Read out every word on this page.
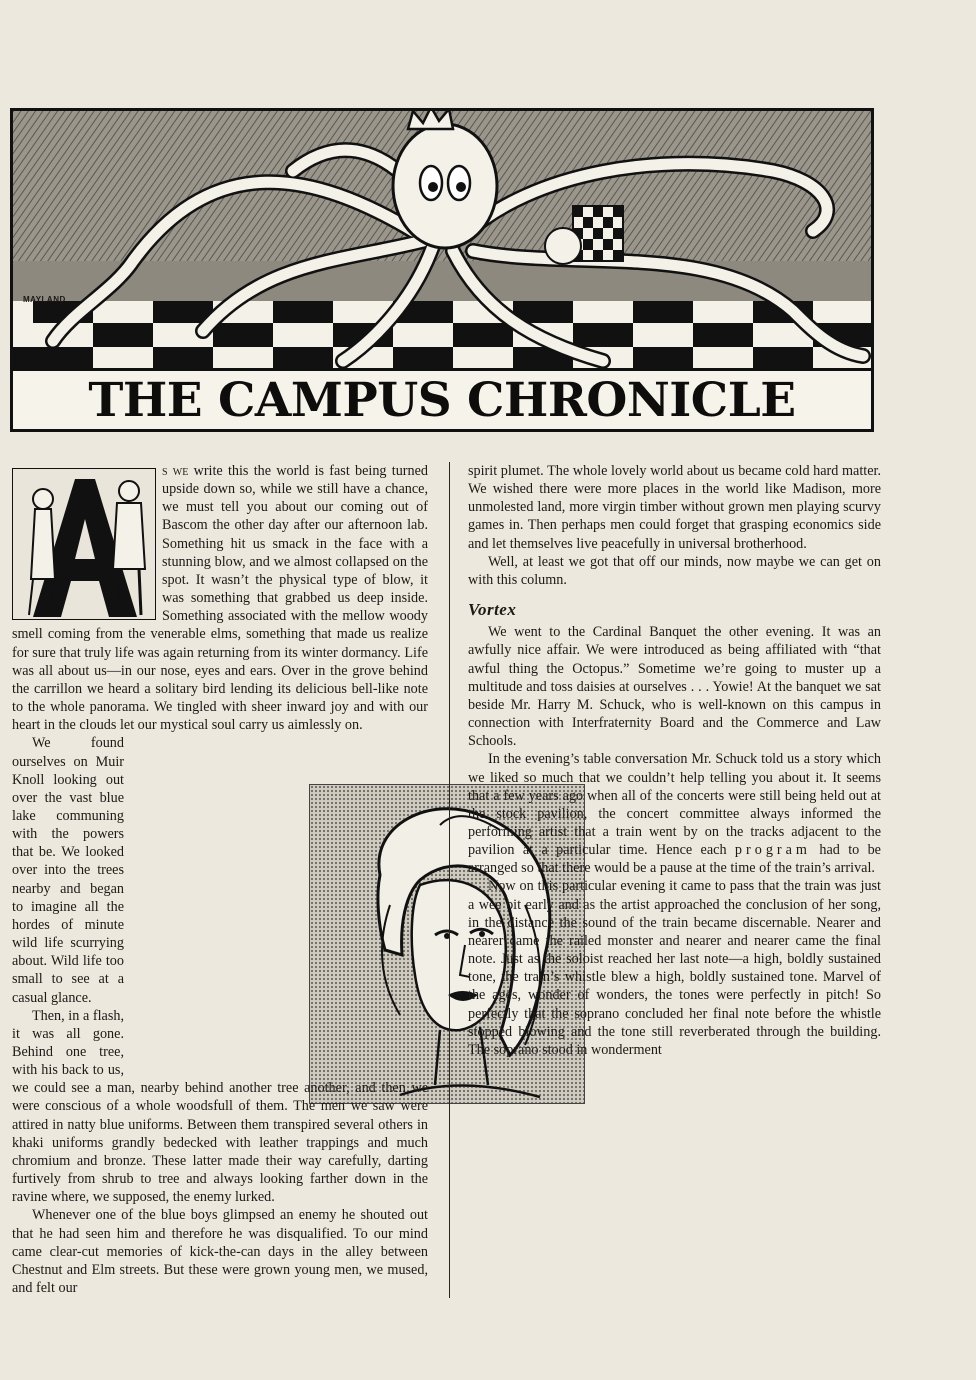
MAYLAND
THE CAMPUS CHRONICLE

s we write this the world is fast being turned upside down so, while we still have a chance, we must tell you about our coming out of Bascom the other day after our afternoon lab. Something hit us smack in the face with a stunning blow, and we almost collapsed on the spot. It wasn’t the physical type of blow, it was something that grabbed us deep inside. Something associated with the mellow woody smell coming from the venerable elms, something that made us realize for sure that truly life was again returning from its winter dormancy. Life was all about us—in our nose, eyes and ears. Over in the grove behind the carrillon we heard a solitary bird lending its delicious bell-like note to the whole panorama. We tingled with sheer inward joy and with our heart in the clouds let our mystical soul carry us aimlessly on.

We found ourselves on Muir Knoll looking out over the vast blue lake communing with the powers that be. We looked over into the trees nearby and began to imagine all the hordes of minute wild life scurrying about. Wild life too small to see at a casual glance.

Then, in a flash, it was all gone. Behind one tree, with his back to us, we could see a man, nearby behind another tree another, and then we were conscious of a whole woodsfull of them. The men we saw were attired in natty blue uniforms. Between them transpired several others in khaki uniforms grandly bedecked with leather trappings and much chromium and bronze. These latter made their way carefully, darting furtively from shrub to tree and always looking farther down in the ravine where, we supposed, the enemy lurked.

Whenever one of the blue boys glimpsed an enemy he shouted out that he had seen him and therefore he was disqualified. To our mind came clear-cut memories of kick-the-can days in the alley between Chestnut and Elm streets. But these were grown young men, we mused, and felt our

spirit plumet. The whole lovely world about us became cold hard matter. We wished there were more places in the world like Madison, more unmolested land, more virgin timber without grown men playing scurvy games in. Then perhaps men could forget that grasping economics side and let themselves live peacefully in universal brotherhood.

Well, at least we got that off our minds, now maybe we can get on with this column.

Vortex

We went to the Cardinal Banquet the other evening. It was an awfully nice affair. We were introduced as being affiliated with “that awful thing the Octopus.” Sometime we’re going to muster up a multitude and toss daisies at ourselves . . . Yowie! At the banquet we sat beside Mr. Harry M. Schuck, who is well-known on this campus in connection with Interfraternity Board and the Commerce and Law Schools.

In the evening’s table conversation Mr. Schuck told us a story which we liked so much that we couldn’t help telling you about it. It seems that a few years ago when all of the concerts were still being held out at the stock pavilion, the concert committee always informed the performing artist that a train went by on the tracks adjacent to the pavilion at a particular time. Hence each program had to be arranged so that there would be a pause at the time of the train’s arrival.

Now on this particular evening it came to pass that the train was just a wee bit early and as the artist approached the conclusion of her song, in the distance the sound of the train became discernable. Nearer and nearer came the railed monster and nearer and nearer came the final note. Just as the soloist reached her last note—a high, boldly sustained tone, the train’s whistle blew a high, boldly sustained tone. Marvel of the ages, wonder of wonders, the tones were perfectly in pitch! So perfectly that the soprano concluded her final note before the whistle stopped blowing and the tone still reverberated through the building. The soprano stood in wonderment
